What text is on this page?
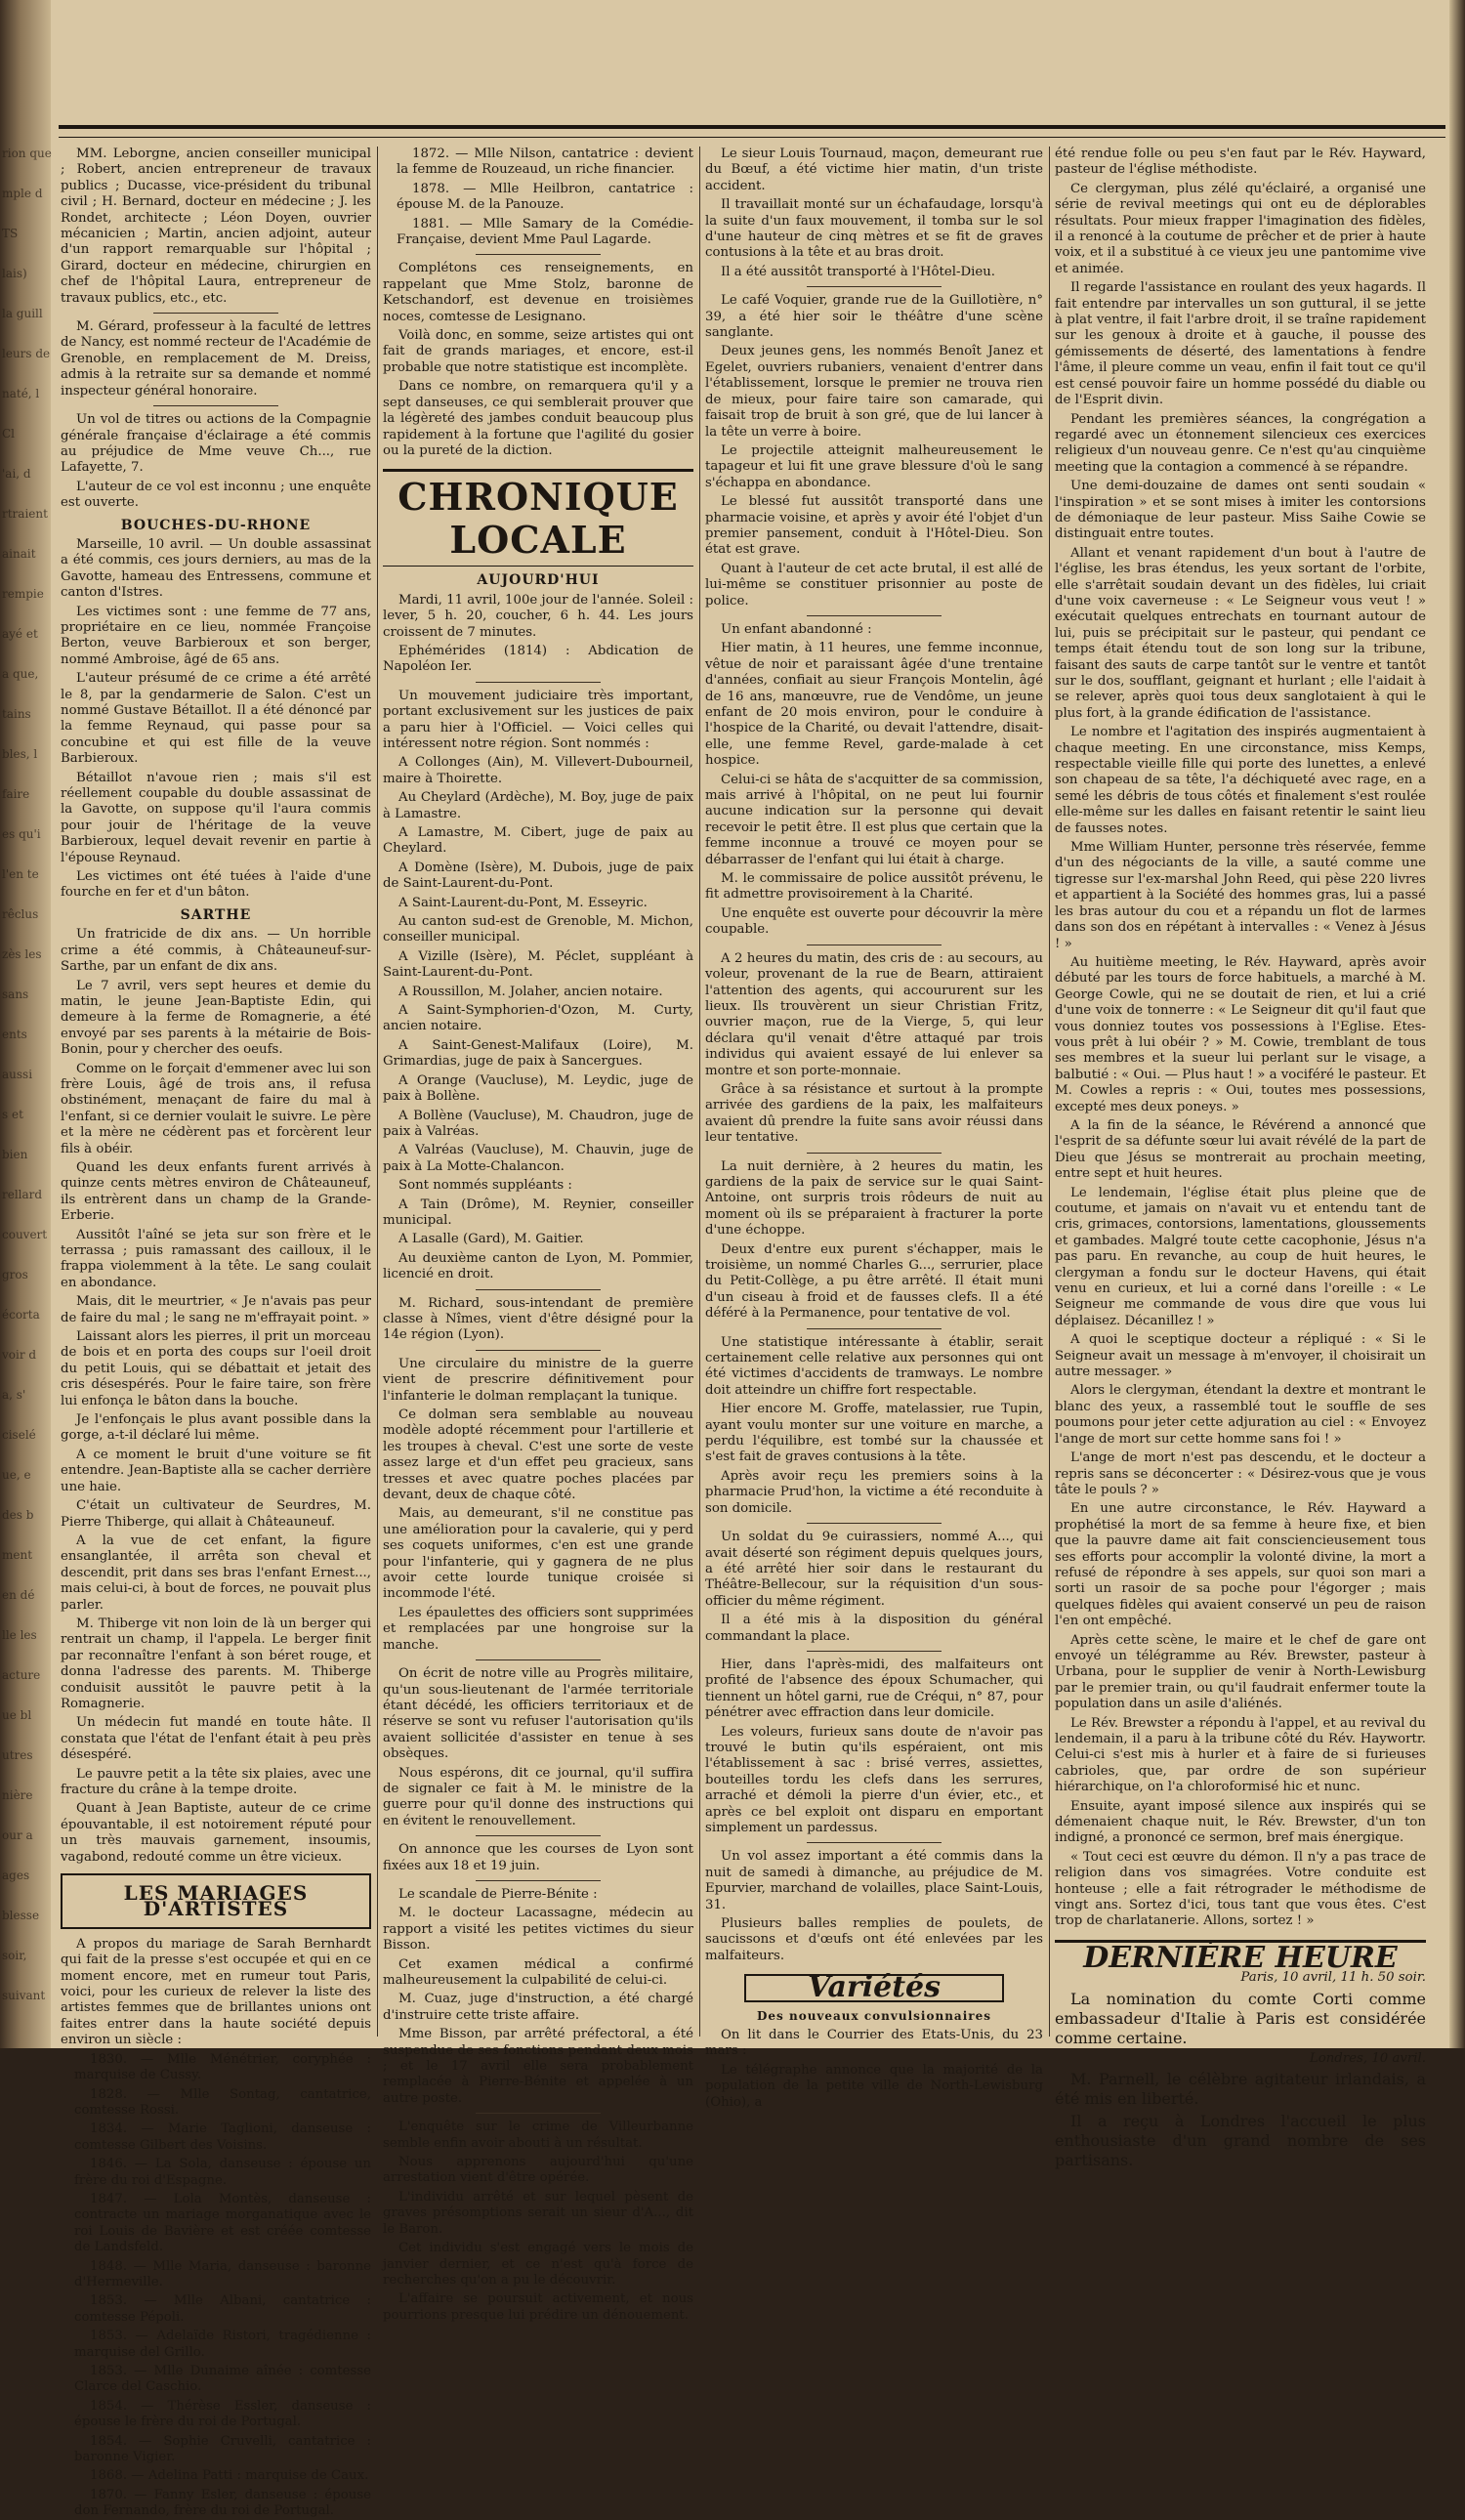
rion que
mple d
TS
lais)
la guill
leurs de
naté, l
Cl
'ai, d
rtraient
ainait
rempie
ayé et
a que,
tains
bles, l
faire
es qu'i
l'en te
rêclus
zès les
sans
ents
aussi
s et
bien
rellard
couvert
gros
écorta
voir d
a, s'
ciselé
ue, e
des b
ment
en dé
lle les
acture
ue bl
utres
nière
our a
ages
blesse
soir,
suivant

MM. Leborgne, ancien conseiller municipal ; Robert, ancien entrepreneur de travaux publics ; Ducasse, vice-président du tribunal civil ; H. Bernard, docteur en médecine ; J. les Rondet, architecte ; Léon Doyen, ouvrier mécanicien ; Martin, ancien adjoint, auteur d'un rapport remarquable sur l'hôpital ; Girard, docteur en médecine, chirurgien en chef de l'hôpital Laura, entrepreneur de travaux publics, etc., etc.

M. Gérard, professeur à la faculté de lettres de Nancy, est nommé recteur de l'Académie de Grenoble, en remplacement de M. Dreiss, admis à la retraite sur sa demande et nommé inspecteur général honoraire.

Un vol de titres ou actions de la Compagnie générale française d'éclairage a été commis au préjudice de Mme veuve Ch..., rue Lafayette, 7.

L'auteur de ce vol est inconnu ; une enquête est ouverte.

BOUCHES-DU-RHONE

Marseille, 10 avril. — Un double assassinat a été commis, ces jours derniers, au mas de la Gavotte, hameau des Entressens, commune et canton d'Istres.

Les victimes sont : une femme de 77 ans, propriétaire en ce lieu, nommée Françoise Berton, veuve Barbieroux et son berger, nommé Ambroise, âgé de 65 ans.

L'auteur présumé de ce crime a été arrêté le 8, par la gendarmerie de Salon. C'est un nommé Gustave Bétaillot. Il a été dénoncé par la femme Reynaud, qui passe pour sa concubine et qui est fille de la veuve Barbieroux.

Bétaillot n'avoue rien ; mais s'il est réellement coupable du double assassinat de la Gavotte, on suppose qu'il l'aura commis pour jouir de l'héritage de la veuve Barbieroux, lequel devait revenir en partie à l'épouse Reynaud.

Les victimes ont été tuées à l'aide d'une fourche en fer et d'un bâton.

SARTHE

Un fratricide de dix ans. — Un horrible crime a été commis, à Châteauneuf-sur-Sarthe, par un enfant de dix ans.

Le 7 avril, vers sept heures et demie du matin, le jeune Jean-Baptiste Edin, qui demeure à la ferme de Romagnerie, a été envoyé par ses parents à la métairie de Bois-Bonin, pour y chercher des oeufs.

Comme on le forçait d'emmener avec lui son frère Louis, âgé de trois ans, il refusa obstinément, menaçant de faire du mal à l'enfant, si ce dernier voulait le suivre. Le père et la mère ne cédèrent pas et forcèrent leur fils à obéir.

Quand les deux enfants furent arrivés à quinze cents mètres environ de Châteauneuf, ils entrèrent dans un champ de la Grande-Erberie.

Aussitôt l'aîné se jeta sur son frère et le terrassa ; puis ramassant des cailloux, il le frappa violemment à la tête. Le sang coulait en abondance.

Mais, dit le meurtrier, « Je n'avais pas peur de faire du mal ; le sang ne m'effrayait point. »

Laissant alors les pierres, il prit un morceau de bois et en porta des coups sur l'oeil droit du petit Louis, qui se débattait et jetait des cris désespérés. Pour le faire taire, son frère lui enfonça le bâton dans la bouche.

Je l'enfonçais le plus avant possible dans la gorge, a-t-il déclaré lui même.

A ce moment le bruit d'une voiture se fit entendre. Jean-Baptiste alla se cacher derrière une haie.

C'était un cultivateur de Seurdres, M. Pierre Thiberge, qui allait à Châteauneuf.

A la vue de cet enfant, la figure ensanglantée, il arrêta son cheval et descendit, prit dans ses bras l'enfant Ernest..., mais celui-ci, à bout de forces, ne pouvait plus parler.

M. Thiberge vit non loin de là un berger qui rentrait un champ, il l'appela. Le berger finit par reconnaître l'enfant à son béret rouge, et donna l'adresse des parents. M. Thiberge conduisit aussitôt le pauvre petit à la Romagnerie.

Un médecin fut mandé en toute hâte. Il constata que l'état de l'enfant était à peu près désespéré.

Le pauvre petit a la tête six plaies, avec une fracture du crâne à la tempe droite.

Quant à Jean Baptiste, auteur de ce crime épouvantable, il est notoirement réputé pour un très mauvais garnement, insoumis, vagabond, redouté comme un être vicieux.

LES MARIAGES D'ARTISTES

A propos du mariage de Sarah Bernhardt qui fait de la presse s'est occupée et qui en ce moment encore, met en rumeur tout Paris, voici, pour les curieux de relever la liste des artistes femmes que de brillantes unions ont faites entrer dans la haute société depuis environ un siècle :

1830. — Mlle Ménétrier, coryphée : marquise de Cussy.

1828. — Mlle Sontag, cantatrice, comtesse Rossi.

1834. — Marie Taglioni, danseuse : comtesse Gilbert des Voisins.

1846. — La Sola, danseuse : épouse un frère du roi d'Espagne.

1847. — Lola Montès, danseuse : contracte un mariage morganatique avec le roi Louis de Bavière et est créée comtesse de Landsfeld.

1848. — Mlle Maria, danseuse : baronne d'Hermeville.

1853. — Mlle Albani, cantatrice : comtesse Pépoli.

1853. — Adelaïde Ristori, tragédienne : marquise del Grillo.

1853. — Mlle Dunaime aînée : comtesse Clarce del Caschio.

1854. — Thérèse Essler, danseuse : épouse le frère du roi de Portugal.

1854. — Sophie Cruvelli, cantatrice : baronne Vigier.

1868. — Adelina Patti : marquise de Caux.

1870. — Fanny Esler, danseuse : épouse don Fernando, frère du roi de Portugal.

1872. — Mlle Nilson, cantatrice : devient la femme de Rouzeaud, un riche financier.

1878. — Mlle Heilbron, cantatrice : épouse M. de la Panouze.

1881. — Mlle Samary de la Comédie-Française, devient Mme Paul Lagarde.

Complétons ces renseignements, en rappelant que Mme Stolz, baronne de Ketschandorf, est devenue en troisièmes noces, comtesse de Lesignano.

Voilà donc, en somme, seize artistes qui ont fait de grands mariages, et encore, est-il probable que notre statistique est incomplète.

Dans ce nombre, on remarquera qu'il y a sept danseuses, ce qui semblerait prouver que la légèreté des jambes conduit beaucoup plus rapidement à la fortune que l'agilité du gosier ou la pureté de la diction.

CHRONIQUE LOCALE
AUJOURD'HUI

Mardi, 11 avril, 100e jour de l'année. Soleil : lever, 5 h. 20, coucher, 6 h. 44. Les jours croissent de 7 minutes.

Ephémérides (1814) : Abdication de Napoléon Ier.

Un mouvement judiciaire très important, portant exclusivement sur les justices de paix a paru hier à l'Officiel. — Voici celles qui intéressent notre région. Sont nommés :

A Collonges (Ain), M. Villevert-Dubourneil, maire à Thoirette.

Au Cheylard (Ardèche), M. Boy, juge de paix à Lamastre.

A Lamastre, M. Cibert, juge de paix au Cheylard.

A Domène (Isère), M. Dubois, juge de paix de Saint-Laurent-du-Pont.

A Saint-Laurent-du-Pont, M. Esseyric.

Au canton sud-est de Grenoble, M. Michon, conseiller municipal.

A Vizille (Isère), M. Péclet, suppléant à Saint-Laurent-du-Pont.

A Roussillon, M. Jolaher, ancien notaire.

A Saint-Symphorien-d'Ozon, M. Curty, ancien notaire.

A Saint-Genest-Malifaux (Loire), M. Grimardias, juge de paix à Sancergues.

A Orange (Vaucluse), M. Leydic, juge de paix à Bollène.

A Bollène (Vaucluse), M. Chaudron, juge de paix à Valréas.

A Valréas (Vaucluse), M. Chauvin, juge de paix à La Motte-Chalancon.

Sont nommés suppléants :

A Tain (Drôme), M. Reynier, conseiller municipal.

A Lasalle (Gard), M. Gaitier.

Au deuxième canton de Lyon, M. Pommier, licencié en droit.

M. Richard, sous-intendant de première classe à Nîmes, vient d'être désigné pour la 14e région (Lyon).

Une circulaire du ministre de la guerre vient de prescrire définitivement pour l'infanterie le dolman remplaçant la tunique.

Ce dolman sera semblable au nouveau modèle adopté récemment pour l'artillerie et les troupes à cheval. C'est une sorte de veste assez large et d'un effet peu gracieux, sans tresses et avec quatre poches placées par devant, deux de chaque côté.

Mais, au demeurant, s'il ne constitue pas une amélioration pour la cavalerie, qui y perd ses coquets uniformes, c'en est une grande pour l'infanterie, qui y gagnera de ne plus avoir cette lourde tunique croisée si incommode l'été.

Les épaulettes des officiers sont supprimées et remplacées par une hongroise sur la manche.

On écrit de notre ville au Progrès militaire, qu'un sous-lieutenant de l'armée territoriale étant décédé, les officiers territoriaux et de réserve se sont vu refuser l'autorisation qu'ils avaient sollicitée d'assister en tenue à ses obsèques.

Nous espérons, dit ce journal, qu'il suffira de signaler ce fait à M. le ministre de la guerre pour qu'il donne des instructions qui en évitent le renouvellement.

On annonce que les courses de Lyon sont fixées aux 18 et 19 juin.

Le scandale de Pierre-Bénite :

M. le docteur Lacassagne, médecin au rapport a visité les petites victimes du sieur Bisson.

Cet examen médical a confirmé malheureusement la culpabilité de celui-ci.

M. Cuaz, juge d'instruction, a été chargé d'instruire cette triste affaire.

Mme Bisson, par arrêté préfectoral, a été suspendue de ses fonctions pendant deux mois ; et le 17 avril elle sera probablement remplacée à Pierre-Bénite et appelée à un autre poste.

L'enquête sur le crime de Villeurbanne semble enfin avoir abouti à un résultat.

Nous apprenons aujourd'hui qu'une arrestation vient d'être opérée.

L'individu arrêté et sur lequel pèsent de graves présomptions serait un sieur d'A..., dit le Baron.

Cet individu s'est engagé vers le mois de janvier dernier, et ce n'est qu'à force de recherches qu'on a pu le découvrir.

L'affaire se poursuit activement, et nous pourrions presque lui prédire un dénouement.

Le sieur Louis Tournaud, maçon, demeurant rue du Bœuf, a été victime hier matin, d'un triste accident.

Il travaillait monté sur un échafaudage, lorsqu'à la suite d'un faux mouvement, il tomba sur le sol d'une hauteur de cinq mètres et se fit de graves contusions à la tête et au bras droit.

Il a été aussitôt transporté à l'Hôtel-Dieu.

Le café Voquier, grande rue de la Guillotière, n° 39, a été hier soir le théâtre d'une scène sanglante.

Deux jeunes gens, les nommés Benoît Janez et Egelet, ouvriers rubaniers, venaient d'entrer dans l'établissement, lorsque le premier ne trouva rien de mieux, pour faire taire son camarade, qui faisait trop de bruit à son gré, que de lui lancer à la tête un verre à boire.

Le projectile atteignit malheureusement le tapageur et lui fit une grave blessure d'où le sang s'échappa en abondance.

Le blessé fut aussitôt transporté dans une pharmacie voisine, et après y avoir été l'objet d'un premier pansement, conduit à l'Hôtel-Dieu. Son état est grave.

Quant à l'auteur de cet acte brutal, il est allé de lui-même se constituer prisonnier au poste de police.

Un enfant abandonné :

Hier matin, à 11 heures, une femme inconnue, vêtue de noir et paraissant âgée d'une trentaine d'années, confiait au sieur François Montelin, âgé de 16 ans, manœuvre, rue de Vendôme, un jeune enfant de 20 mois environ, pour le conduire à l'hospice de la Charité, ou devait l'attendre, disait-elle, une femme Revel, garde-malade à cet hospice.

Celui-ci se hâta de s'acquitter de sa commission, mais arrivé à l'hôpital, on ne peut lui fournir aucune indication sur la personne qui devait recevoir le petit être. Il est plus que certain que la femme inconnue a trouvé ce moyen pour se débarrasser de l'enfant qui lui était à charge.

M. le commissaire de police aussitôt prévenu, le fit admettre provisoirement à la Charité.

Une enquête est ouverte pour découvrir la mère coupable.

A 2 heures du matin, des cris de : au secours, au voleur, provenant de la rue de Bearn, attiraient l'attention des agents, qui accoururent sur les lieux. Ils trouvèrent un sieur Christian Fritz, ouvrier maçon, rue de la Vierge, 5, qui leur déclara qu'il venait d'être attaqué par trois individus qui avaient essayé de lui enlever sa montre et son porte-monnaie.

Grâce à sa résistance et surtout à la prompte arrivée des gardiens de la paix, les malfaiteurs avaient dû prendre la fuite sans avoir réussi dans leur tentative.

La nuit dernière, à 2 heures du matin, les gardiens de la paix de service sur le quai Saint-Antoine, ont surpris trois rôdeurs de nuit au moment où ils se préparaient à fracturer la porte d'une échoppe.

Deux d'entre eux purent s'échapper, mais le troisième, un nommé Charles G..., serrurier, place du Petit-Collège, a pu être arrêté. Il était muni d'un ciseau à froid et de fausses clefs. Il a été déféré à la Permanence, pour tentative de vol.

Une statistique intéressante à établir, serait certainement celle relative aux personnes qui ont été victimes d'accidents de tramways. Le nombre doit atteindre un chiffre fort respectable.

Hier encore M. Groffe, matelassier, rue Tupin, ayant voulu monter sur une voiture en marche, a perdu l'équilibre, est tombé sur la chaussée et s'est fait de graves contusions à la tête.

Après avoir reçu les premiers soins à la pharmacie Prud'hon, la victime a été reconduite à son domicile.

Un soldat du 9e cuirassiers, nommé A..., qui avait déserté son régiment depuis quelques jours, a été arrêté hier soir dans le restaurant du Théâtre-Bellecour, sur la réquisition d'un sous-officier du même régiment.

Il a été mis à la disposition du général commandant la place.

Hier, dans l'après-midi, des malfaiteurs ont profité de l'absence des époux Schumacher, qui tiennent un hôtel garni, rue de Créqui, n° 87, pour pénétrer avec effraction dans leur domicile.

Les voleurs, furieux sans doute de n'avoir pas trouvé le butin qu'ils espéraient, ont mis l'établissement à sac : brisé verres, assiettes, bouteilles tordu les clefs dans les serrures, arraché et démoli la pierre d'un évier, etc., et après ce bel exploit ont disparu en emportant simplement un pardessus.

Un vol assez important a été commis dans la nuit de samedi à dimanche, au préjudice de M. Epurvier, marchand de volailles, place Saint-Louis, 31.

Plusieurs balles remplies de poulets, de saucissons et d'œufs ont été enlevées par les malfaiteurs.

Variétés
Des nouveaux convulsionnaires

On lit dans le Courrier des Etats-Unis, du 23 mars :

Le télégraphe annonce que la majorité de la population de la petite ville de North-Lewisburg (Ohio), a

été rendue folle ou peu s'en faut par le Rév. Hayward, pasteur de l'église méthodiste.

Ce clergyman, plus zélé qu'éclairé, a organisé une série de revival meetings qui ont eu de déplorables résultats. Pour mieux frapper l'imagination des fidèles, il a renoncé à la coutume de prêcher et de prier à haute voix, et il a substitué à ce vieux jeu une pantomime vive et animée.

Il regarde l'assistance en roulant des yeux hagards. Il fait entendre par intervalles un son guttural, il se jette à plat ventre, il fait l'arbre droit, il se traîne rapidement sur les genoux à droite et à gauche, il pousse des gémissements de déserté, des lamentations à fendre l'âme, il pleure comme un veau, enfin il fait tout ce qu'il est censé pouvoir faire un homme possédé du diable ou de l'Esprit divin.

Pendant les premières séances, la congrégation a regardé avec un étonnement silencieux ces exercices religieux d'un nouveau genre. Ce n'est qu'au cinquième meeting que la contagion a commencé à se répandre.

Une demi-douzaine de dames ont senti soudain « l'inspiration » et se sont mises à imiter les contorsions de démoniaque de leur pasteur. Miss Saihe Cowie se distinguait entre toutes.

Allant et venant rapidement d'un bout à l'autre de l'église, les bras étendus, les yeux sortant de l'orbite, elle s'arrêtait soudain devant un des fidèles, lui criait d'une voix caverneuse : « Le Seigneur vous veut ! » exécutait quelques entrechats en tournant autour de lui, puis se précipitait sur le pasteur, qui pendant ce temps était étendu tout de son long sur la tribune, faisant des sauts de carpe tantôt sur le ventre et tantôt sur le dos, soufflant, geignant et hurlant ; elle l'aidait à se relever, après quoi tous deux sanglotaient à qui le plus fort, à la grande édification de l'assistance.

Le nombre et l'agitation des inspirés augmentaient à chaque meeting. En une circonstance, miss Kemps, respectable vieille fille qui porte des lunettes, a enlevé son chapeau de sa tête, l'a déchiqueté avec rage, en a semé les débris de tous côtés et finalement s'est roulée elle-même sur les dalles en faisant retentir le saint lieu de fausses notes.

Mme William Hunter, personne très réservée, femme d'un des négociants de la ville, a sauté comme une tigresse sur l'ex-marshal John Reed, qui pèse 220 livres et appartient à la Société des hommes gras, lui a passé les bras autour du cou et a répandu un flot de larmes dans son dos en répétant à intervalles : « Venez à Jésus ! »

Au huitième meeting, le Rév. Hayward, après avoir débuté par les tours de force habituels, a marché à M. George Cowle, qui ne se doutait de rien, et lui a crié d'une voix de tonnerre : « Le Seigneur dit qu'il faut que vous donniez toutes vos possessions à l'Eglise. Etes-vous prêt à lui obéir ? » M. Cowie, tremblant de tous ses membres et la sueur lui perlant sur le visage, a balbutié : « Oui. — Plus haut ! » a vociféré le pasteur. Et M. Cowles a repris : « Oui, toutes mes possessions, excepté mes deux poneys. »

A la fin de la séance, le Révérend a annoncé que l'esprit de sa défunte sœur lui avait révélé de la part de Dieu que Jésus se montrerait au prochain meeting, entre sept et huit heures.

Le lendemain, l'église était plus pleine que de coutume, et jamais on n'avait vu et entendu tant de cris, grimaces, contorsions, lamentations, gloussements et gambades. Malgré toute cette cacophonie, Jésus n'a pas paru. En revanche, au coup de huit heures, le clergyman a fondu sur le docteur Havens, qui était venu en curieux, et lui a corné dans l'oreille : « Le Seigneur me commande de vous dire que vous lui déplaisez. Décanillez ! »

A quoi le sceptique docteur a répliqué : « Si le Seigneur avait un message à m'envoyer, il choisirait un autre messager. »

Alors le clergyman, étendant la dextre et montrant le blanc des yeux, a rassemblé tout le souffle de ses poumons pour jeter cette adjuration au ciel : « Envoyez l'ange de mort sur cette homme sans foi ! »

L'ange de mort n'est pas descendu, et le docteur a repris sans se déconcerter : « Désirez-vous que je vous tâte le pouls ? »

En une autre circonstance, le Rév. Hayward a prophétisé la mort de sa femme à heure fixe, et bien que la pauvre dame ait fait consciencieusement tous ses efforts pour accomplir la volonté divine, la mort a refusé de répondre à ses appels, sur quoi son mari a sorti un rasoir de sa poche pour l'égorger ; mais quelques fidèles qui avaient conservé un peu de raison l'en ont empêché.

Après cette scène, le maire et le chef de gare ont envoyé un télégramme au Rév. Brewster, pasteur à Urbana, pour le supplier de venir à North-Lewisburg par le premier train, ou qu'il faudrait enfermer toute la population dans un asile d'aliénés.

Le Rév. Brewster a répondu à l'appel, et au revival du lendemain, il a paru à la tribune côté du Rév. Haywortr. Celui-ci s'est mis à hurler et à faire de si furieuses cabrioles, que, par ordre de son supérieur hiérarchique, on l'a chloroformisé hic et nunc.

Ensuite, ayant imposé silence aux inspirés qui se démenaient chaque nuit, le Rév. Brewster, d'un ton indigné, a prononcé ce sermon, bref mais énergique.

« Tout ceci est œuvre du démon. Il n'y a pas trace de religion dans vos simagrées. Votre conduite est honteuse ; elle a fait rétrograder le méthodisme de vingt ans. Sortez d'ici, tous tant que vous êtes. C'est trop de charlatanerie. Allons, sortez ! »

DERNIÈRE HEURE

Paris, 10 avril, 11 h. 50 soir.

La nomination du comte Corti comme embassadeur d'Italie à Paris est considérée comme certaine.

Londres, 10 avril.

M. Parnell, le célèbre agitateur irlandais, a été mis en liberté.

Il a reçu à Londres l'accueil le plus enthousiaste d'un grand nombre de ses partisans.
